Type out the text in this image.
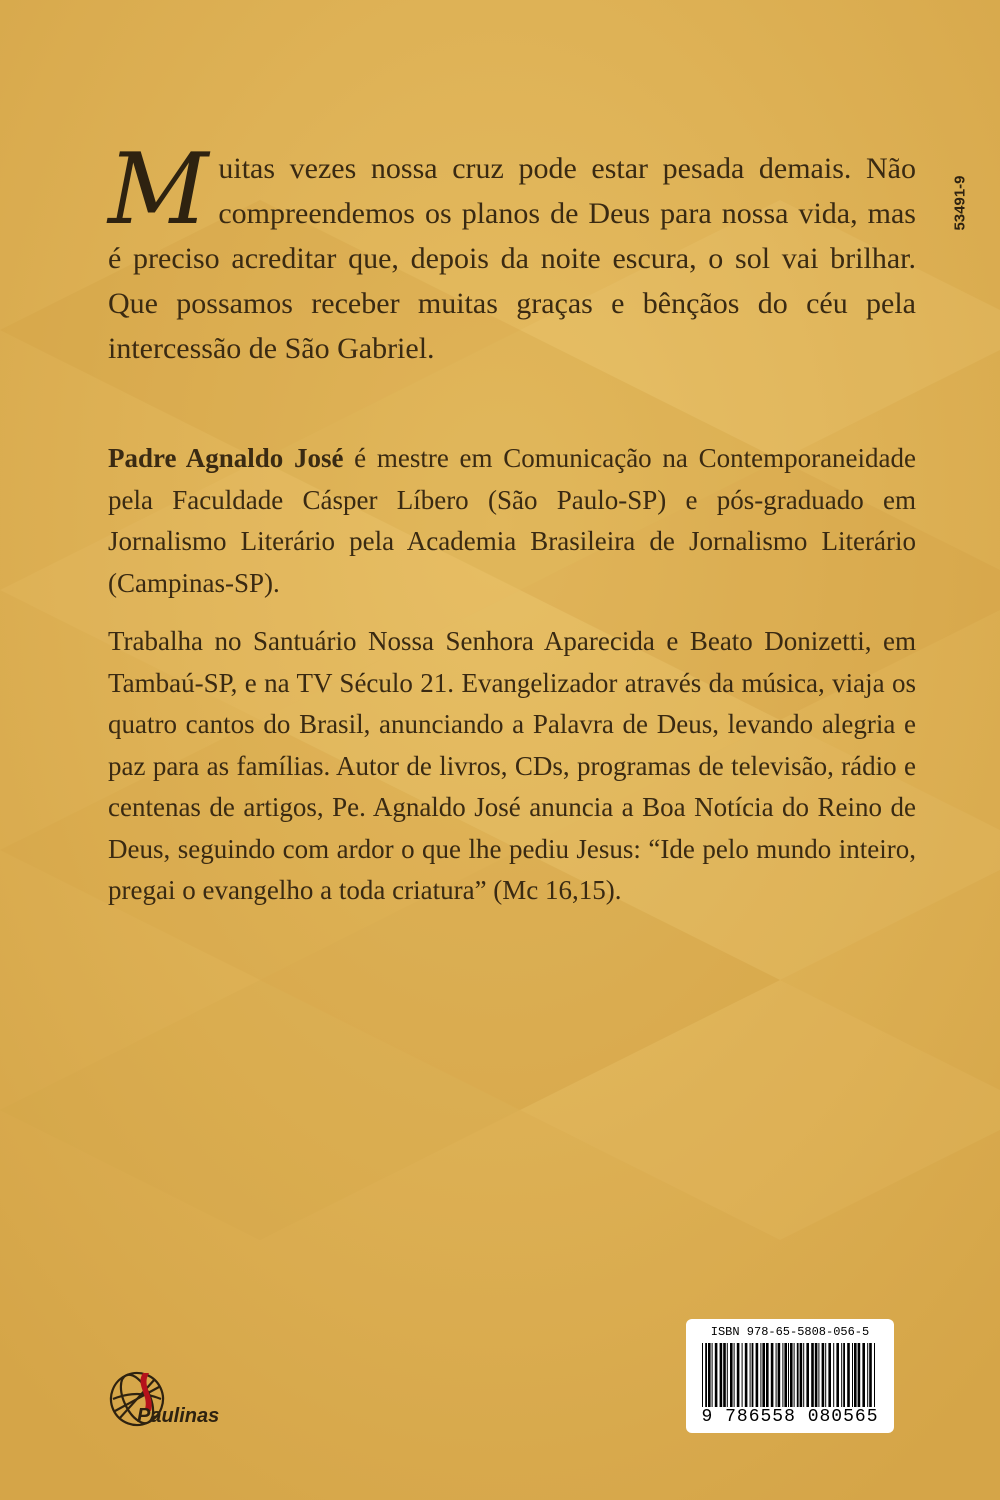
53491-9

Muitas vezes nossa cruz pode estar pesada demais. Não compreendemos os planos de Deus para nossa vida, mas é preciso acreditar que, depois da noite escura, o sol vai brilhar. Que possamos receber muitas graças e bênçãos do céu pela intercessão de São Gabriel.

Padre Agnaldo José é mestre em Comunicação na Contemporaneidade pela Faculdade Cásper Líbero (São Paulo-SP) e pós-graduado em Jornalismo Literário pela Academia Brasileira de Jornalismo Literário (Campinas-SP).

Trabalha no Santuário Nossa Senhora Aparecida e Beato Donizetti, em Tambaú-SP, e na TV Século 21. Evangelizador através da música, viaja os quatro cantos do Brasil, anunciando a Palavra de Deus, levando alegria e paz para as famílias. Autor de livros, CDs, programas de televisão, rádio e centenas de artigos, Pe. Agnaldo José anuncia a Boa Notícia do Reino de Deus, seguindo com ardor o que lhe pediu Jesus: “Ide pelo mundo inteiro, pregai o evangelho a toda criatura” (Mc 16,15).

Paulinas
ISBN 978-65-5808-056-5
9 786558 080565
